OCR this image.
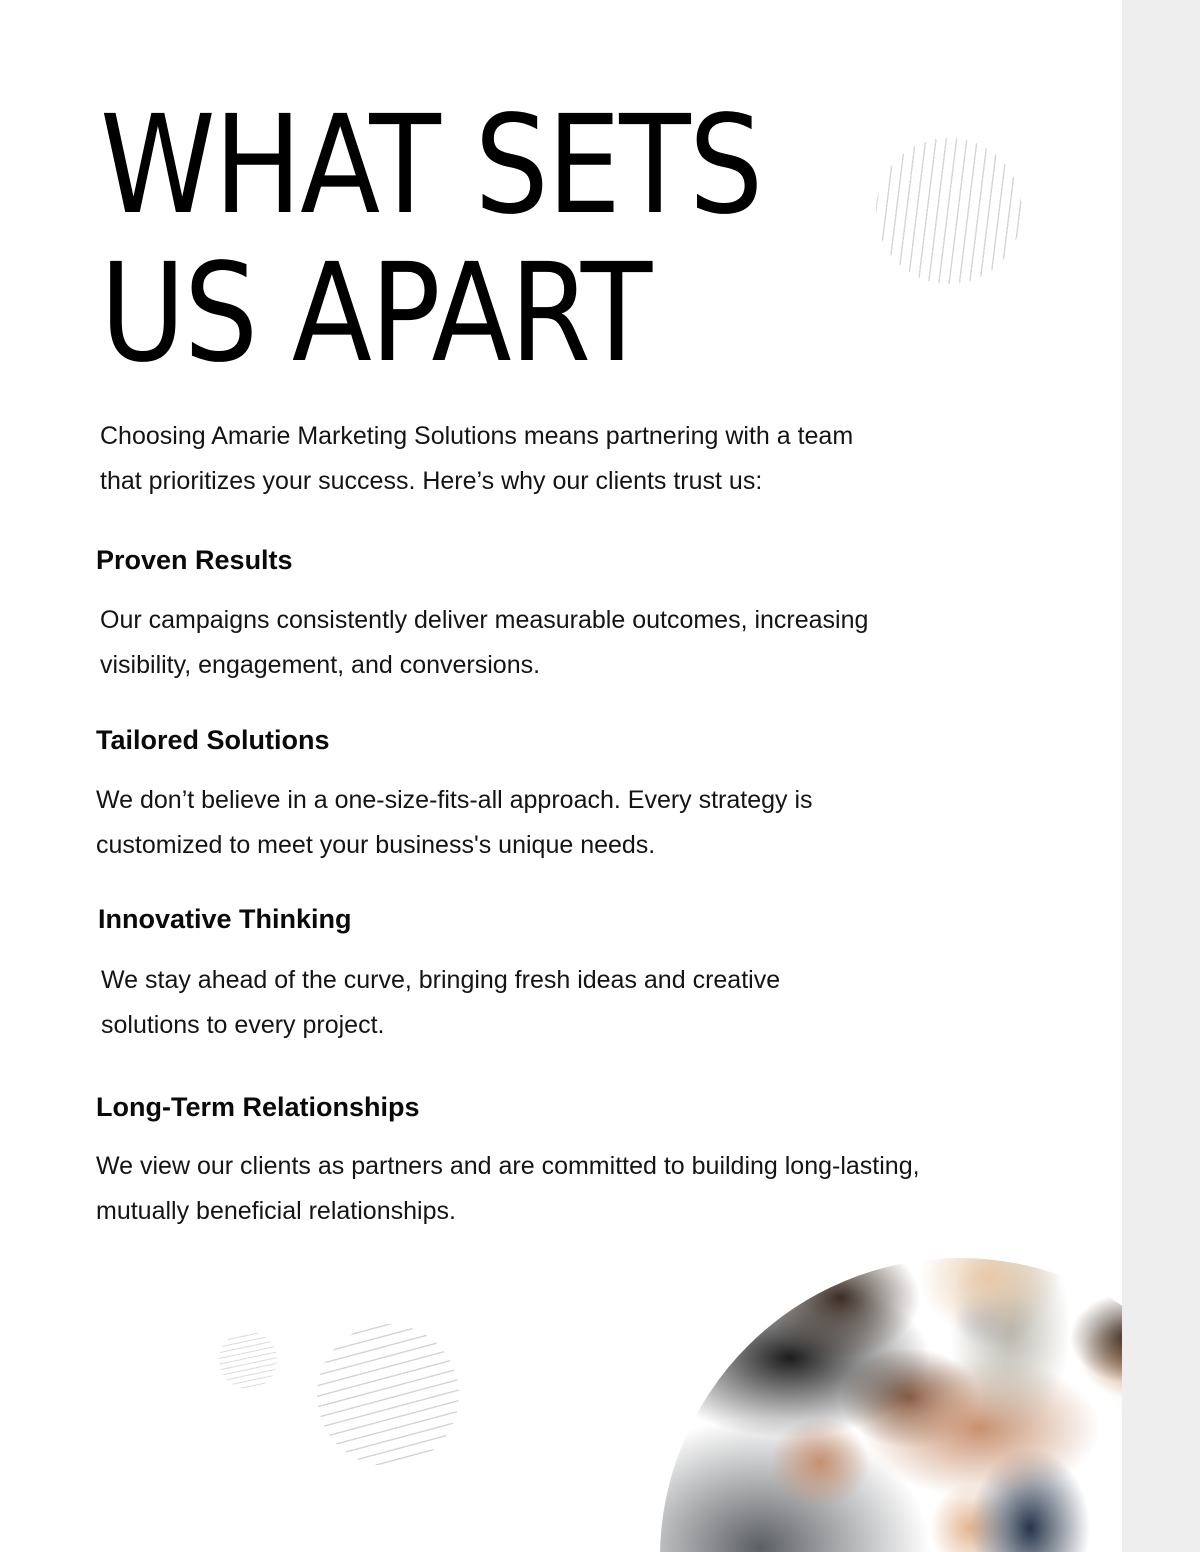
WHAT SETS
US APART

Choosing Amarie Marketing Solutions means partnering with a team
that prioritizes your success. Here’s why our clients trust us:

Proven Results

Our campaigns consistently deliver measurable outcomes, increasing
visibility, engagement, and conversions.

Tailored Solutions

We don’t believe in a one-size-fits-all approach. Every strategy is
customized to meet your business's unique needs.

Innovative Thinking

We stay ahead of the curve, bringing fresh ideas and creative
solutions to every project.

Long-Term Relationships

We view our clients as partners and are committed to building long-lasting,
mutually beneficial relationships.
